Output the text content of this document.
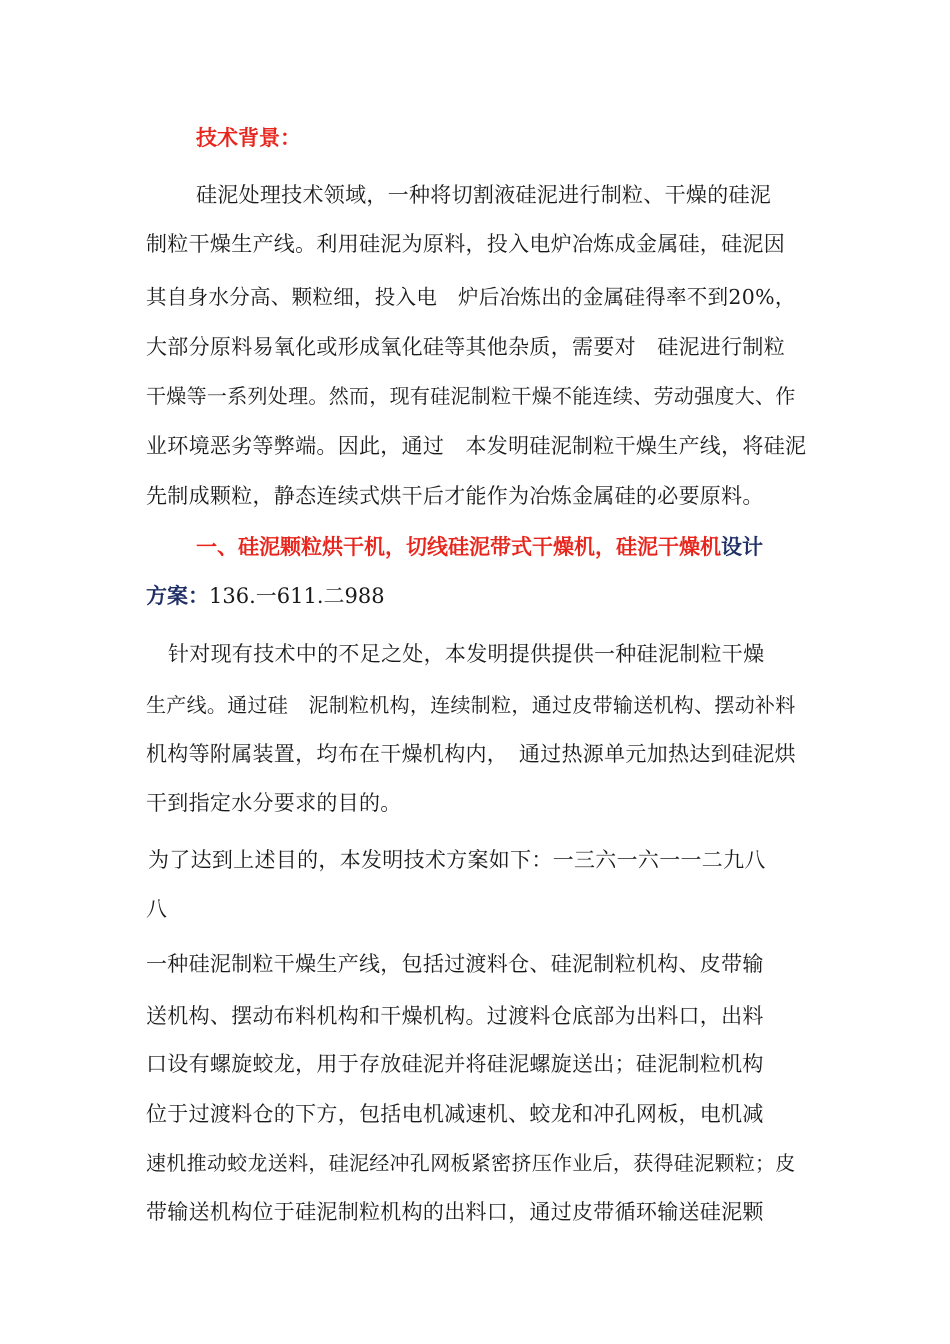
技术背景：
硅泥处理技术领域，一种将切割液硅泥进行制粒、干燥的硅泥
制粒干燥生产线。利用硅泥为原料，投入电炉冶炼成金属硅，硅泥因
其自身水分高、颗粒细，投入电　炉后冶炼出的金属硅得率不到20%，
大部分原料易氧化或形成氧化硅等其他杂质，需要对　硅泥进行制粒
干燥等一系列处理。然而，现有硅泥制粒干燥不能连续、劳动强度大、作
业环境恶劣等弊端。因此，通过　本发明硅泥制粒干燥生产线，将硅泥
先制成颗粒，静态连续式烘干后才能作为冶炼金属硅的必要原料。
一、硅泥颗粒烘干机，切线硅泥带式干燥机，硅泥干燥机设计
方案：136.一611.二988
针对现有技术中的不足之处，本发明提供提供一种硅泥制粒干燥
生产线。通过硅　泥制粒机构，连续制粒，通过皮带输送机构、摆动补料
机构等附属装置，均布在干燥机构内，　通过热源单元加热达到硅泥烘
干到指定水分要求的目的。
为了达到上述目的，本发明技术方案如下：一三六一六一一二九八
八
一种硅泥制粒干燥生产线，包括过渡料仓、硅泥制粒机构、皮带输
送机构、摆动布料机构和干燥机构。过渡料仓底部为出料口，出料
口设有螺旋蛟龙，用于存放硅泥并将硅泥螺旋送出；硅泥制粒机构
位于过渡料仓的下方，包括电机减速机、蛟龙和冲孔网板，电机减
速机推动蛟龙送料，硅泥经冲孔网板紧密挤压作业后，获得硅泥颗粒；皮
带输送机构位于硅泥制粒机构的出料口，通过皮带循环输送硅泥颗
